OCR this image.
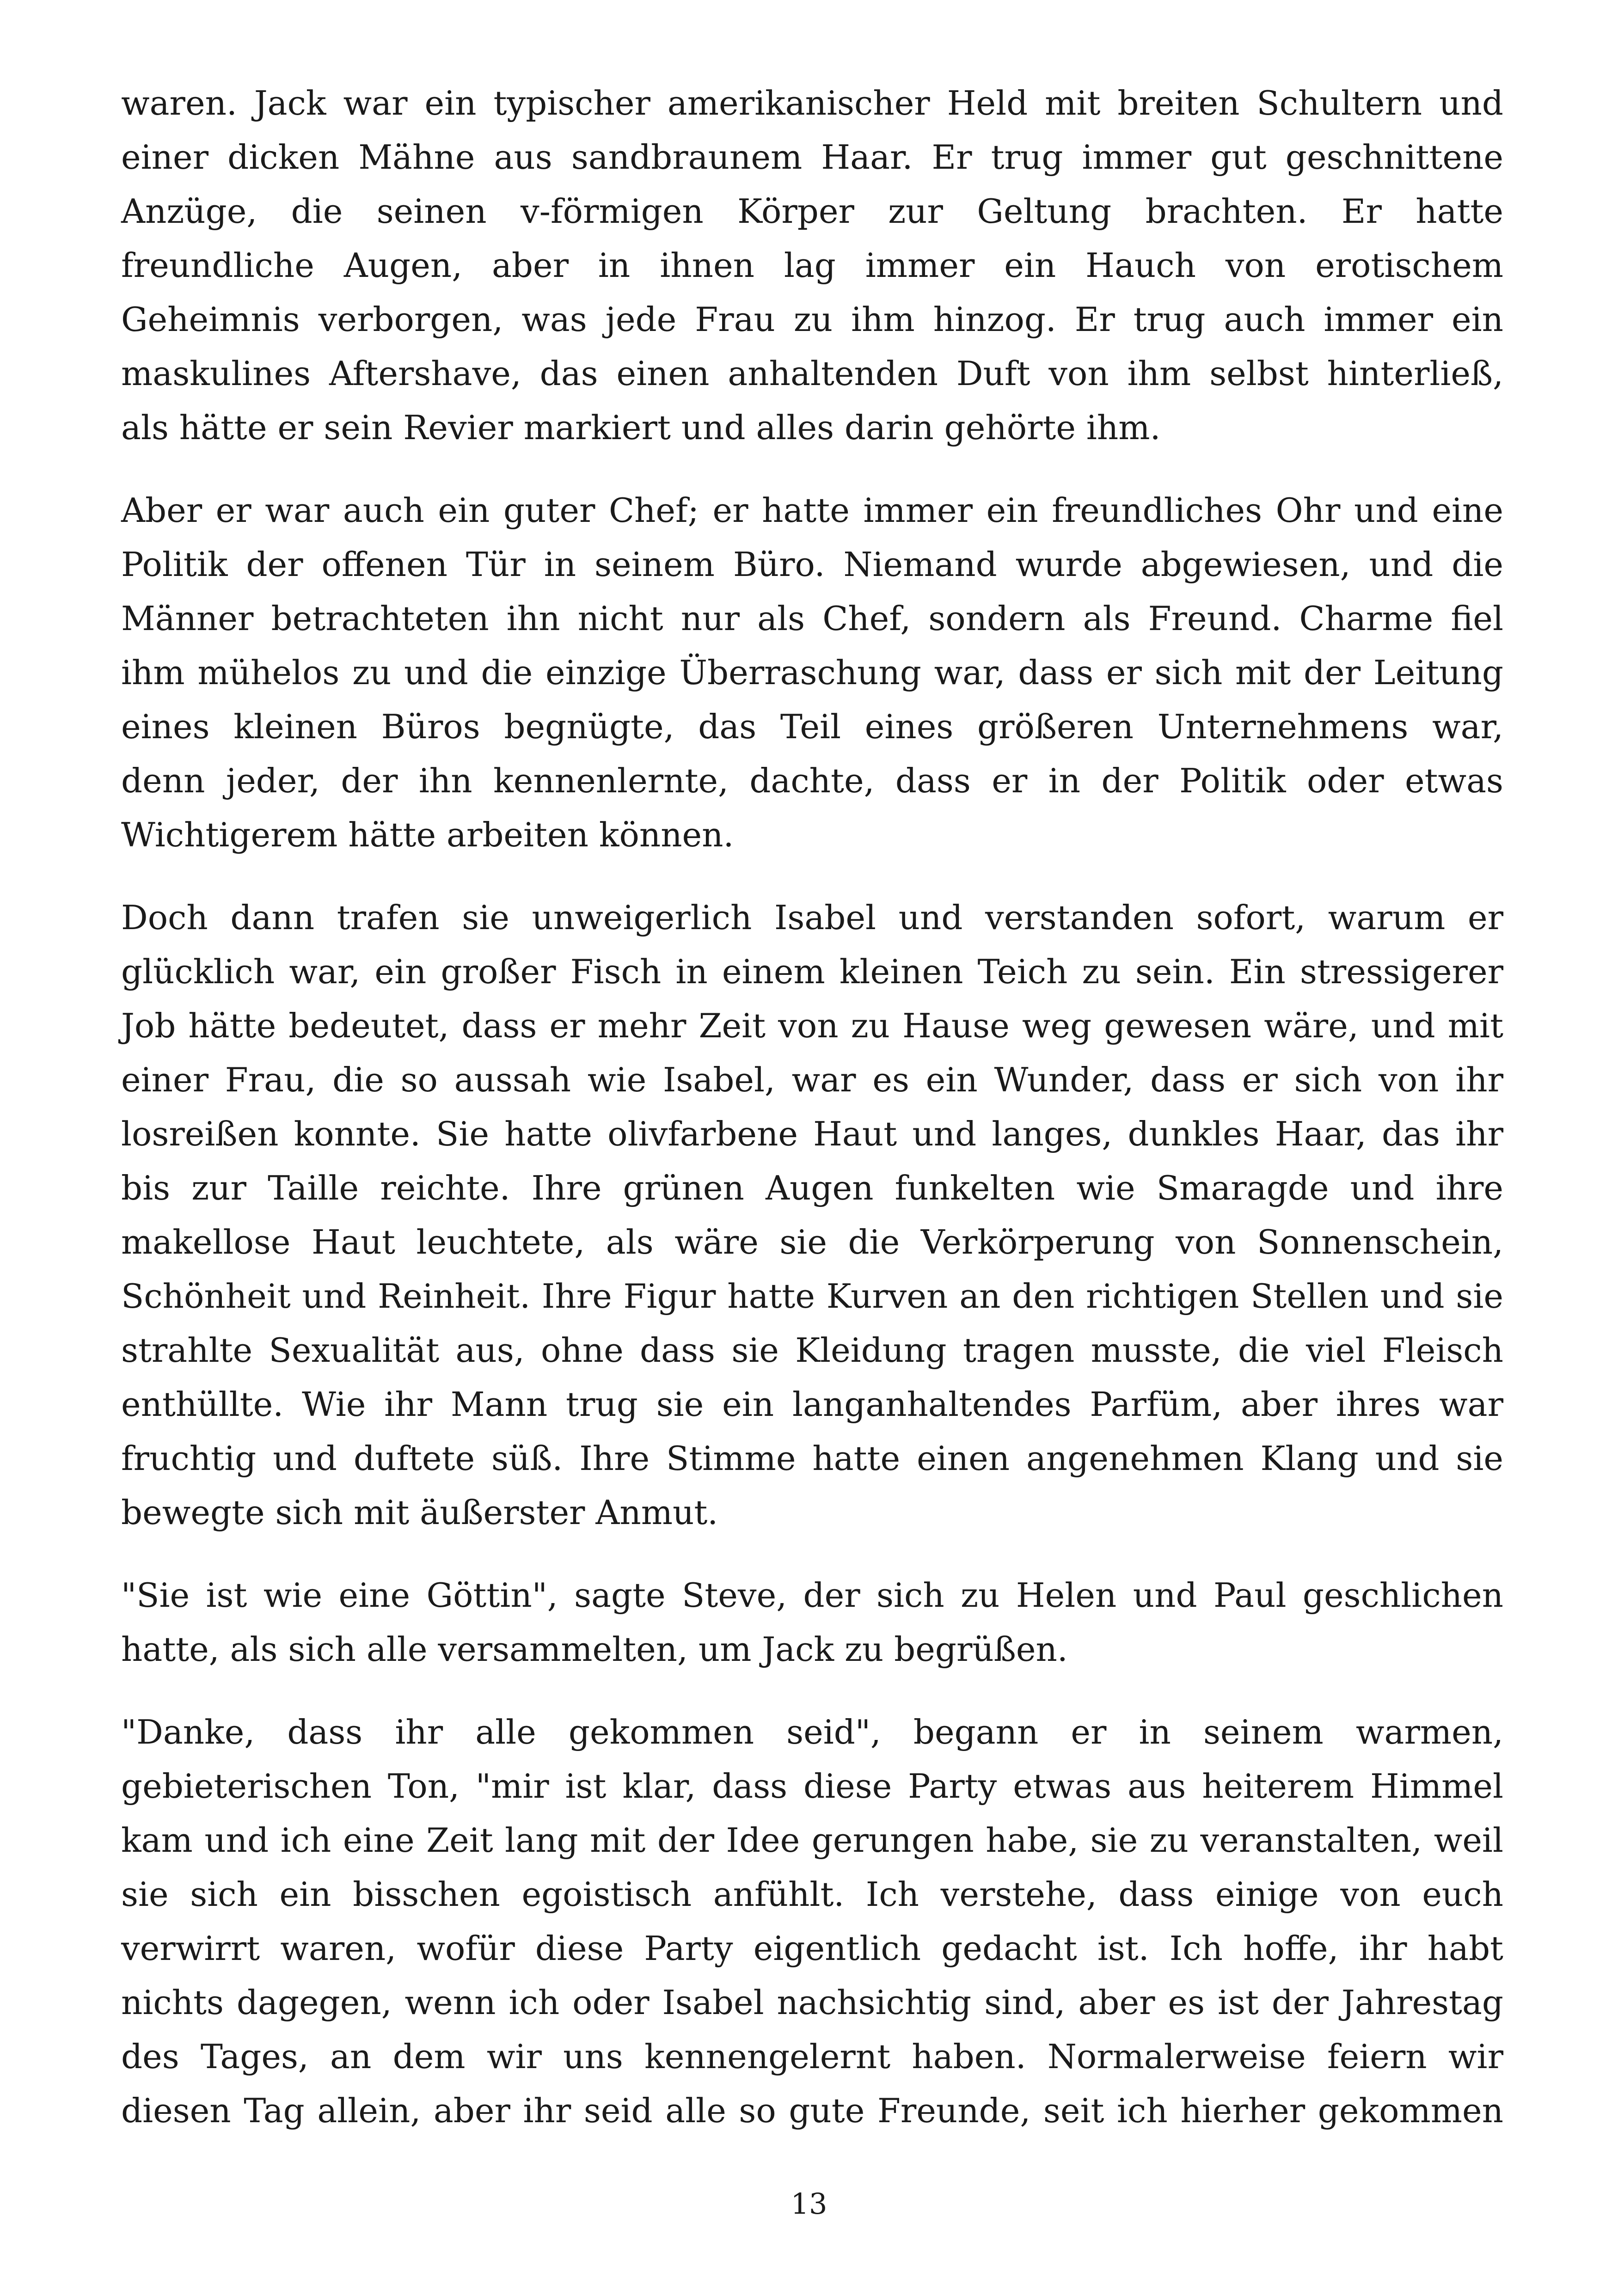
waren. Jack war ein typischer amerikanischer Held mit breiten Schultern und
einer dicken Mähne aus sandbraunem Haar. Er trug immer gut geschnittene
Anzüge, die seinen v-förmigen Körper zur Geltung brachten. Er hatte
freundliche Augen, aber in ihnen lag immer ein Hauch von erotischem
Geheimnis verborgen, was jede Frau zu ihm hinzog. Er trug auch immer ein
maskulines Aftershave, das einen anhaltenden Duft von ihm selbst hinterließ,
als hätte er sein Revier markiert und alles darin gehörte ihm.
Aber er war auch ein guter Chef; er hatte immer ein freundliches Ohr und eine
Politik der offenen Tür in seinem Büro. Niemand wurde abgewiesen, und die
Männer betrachteten ihn nicht nur als Chef, sondern als Freund. Charme fiel
ihm mühelos zu und die einzige Überraschung war, dass er sich mit der Leitung
eines kleinen Büros begnügte, das Teil eines größeren Unternehmens war,
denn jeder, der ihn kennenlernte, dachte, dass er in der Politik oder etwas
Wichtigerem hätte arbeiten können.
Doch dann trafen sie unweigerlich Isabel und verstanden sofort, warum er
glücklich war, ein großer Fisch in einem kleinen Teich zu sein. Ein stressigerer
Job hätte bedeutet, dass er mehr Zeit von zu Hause weg gewesen wäre, und mit
einer Frau, die so aussah wie Isabel, war es ein Wunder, dass er sich von ihr
losreißen konnte. Sie hatte olivfarbene Haut und langes, dunkles Haar, das ihr
bis zur Taille reichte. Ihre grünen Augen funkelten wie Smaragde und ihre
makellose Haut leuchtete, als wäre sie die Verkörperung von Sonnenschein,
Schönheit und Reinheit. Ihre Figur hatte Kurven an den richtigen Stellen und sie
strahlte Sexualität aus, ohne dass sie Kleidung tragen musste, die viel Fleisch
enthüllte. Wie ihr Mann trug sie ein langanhaltendes Parfüm, aber ihres war
fruchtig und duftete süß. Ihre Stimme hatte einen angenehmen Klang und sie
bewegte sich mit äußerster Anmut.
"Sie ist wie eine Göttin", sagte Steve, der sich zu Helen und Paul geschlichen
hatte, als sich alle versammelten, um Jack zu begrüßen.
"Danke, dass ihr alle gekommen seid", begann er in seinem warmen,
gebieterischen Ton, "mir ist klar, dass diese Party etwas aus heiterem Himmel
kam und ich eine Zeit lang mit der Idee gerungen habe, sie zu veranstalten, weil
sie sich ein bisschen egoistisch anfühlt. Ich verstehe, dass einige von euch
verwirrt waren, wofür diese Party eigentlich gedacht ist. Ich hoffe, ihr habt
nichts dagegen, wenn ich oder Isabel nachsichtig sind, aber es ist der Jahrestag
des Tages, an dem wir uns kennengelernt haben. Normalerweise feiern wir
diesen Tag allein, aber ihr seid alle so gute Freunde, seit ich hierher gekommen
13
